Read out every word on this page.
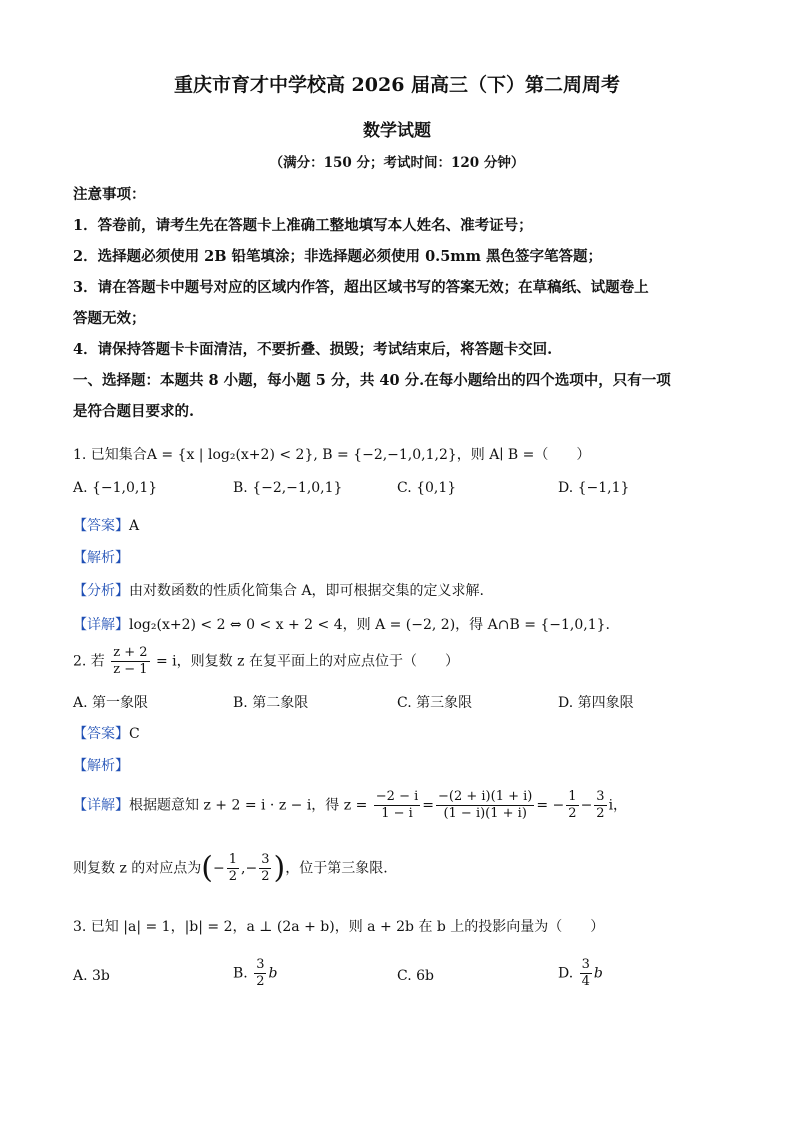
重庆市育才中学校高 2026 届高三（下）第二周周考
数学试题
（满分：150 分；考试时间：120 分钟）
注意事项：
1．答卷前，请考生先在答题卡上准确工整地填写本人姓名、准考证号；
2．选择题必须使用 2B 铅笔填涂；非选择题必须使用 0.5mm 黑色签字笔答题；
3．请在答题卡中题号对应的区域内作答，超出区域书写的答案无效；在草稿纸、试题卷上
答题无效；
4．请保持答题卡卡面清洁，不要折叠、损毁；考试结束后，将答题卡交回.
一、选择题：本题共 8 小题，每小题 5 分，共 40 分.在每小题给出的四个选项中，只有一项
是符合题目要求的.
1. 已知集合A = {x | log₂(x+2) < 2}, B = {−2,−1,0,1,2}，则 A∣ B =（　　）
A. {−1,0,1}	B. {−2,−1,0,1}	C. {0,1}	D. {−1,1}
【答案】A
【解析】
【分析】由对数函数的性质化简集合 A，即可根据交集的定义求解.
【详解】log₂(x+2) < 2 ⇔ 0 < x + 2 < 4，则 A = (−2, 2)，得 A∩B = {−1,0,1}.
2. 若 $\frac{z + 2}{z - 1} = i$，则复数 z 在复平面上的对应点位于（　　）
A. 第一象限	B. 第二象限	C. 第三象限	D. 第四象限
【答案】C
【解析】
【详解】根据题意知 z + 2 = i · z − i，得 $z = \frac{-2 - i}{1 - i} = \frac{-(2 + i)(1 + i)}{(1 - i)(1 + i)}$ = − $\frac{1}{2} - \frac{3}{2}$ i，
则复数 z 的对应点为(− $\frac{1}{2}$ ,− $\frac{3}{2}$ )，位于第三象限.
3. 已知 |a| = 1，|b| = 2，a ⊥ (2a + b)，则 a + 2b 在 b 上的投影向量为（　　）
A. 3b	B. $\frac{3}{2}$ b	C. 6b	D. $\frac{3}{4}$ b
